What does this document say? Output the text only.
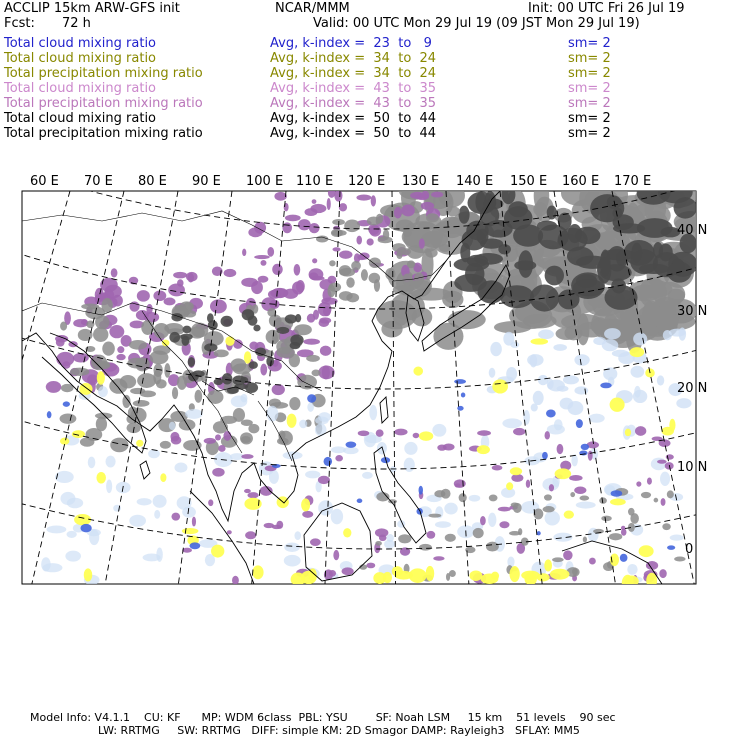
ACCLIP 15km ARW-GFS init	NCAR/MMM	Init: 00 UTC Fri 26 Jul 19
Fcst: 72 h	Valid: 00 UTC Mon 29 Jul 19 (09 JST Mon 29 Jul 19)
Total cloud mixing ratio	Avg, k-index =  23  to   9	sm= 2
Total cloud mixing ratio	Avg, k-index =  34  to  24	sm= 2
Total precipitation mixing ratio	Avg, k-index =  34  to  24	sm= 2
Total cloud mixing ratio	Avg, k-index =  43  to  35	sm= 2
Total precipitation mixing ratio	Avg, k-index =  43  to  35	sm= 2
Total cloud mixing ratio	Avg, k-index =  50  to  44	sm= 2
Total precipitation mixing ratio	Avg, k-index =  50  to  44	sm= 2
60 E 70 E 80 E 90 E 100 E 110 E 120 E 130 E 140 E 150 E 160 E 170 E
40 N
30 N
20 N
10 N
0
Model Info: V4.1.1    CU: KF      MP: WDM 6class  PBL: YSU        SF: Noah LSM     15 km    51 levels    90 sec
LW: RRTMG     SW: RRTMG   DIFF: simple KM: 2D Smagor DAMP: Rayleigh3   SFLAY: MM5
